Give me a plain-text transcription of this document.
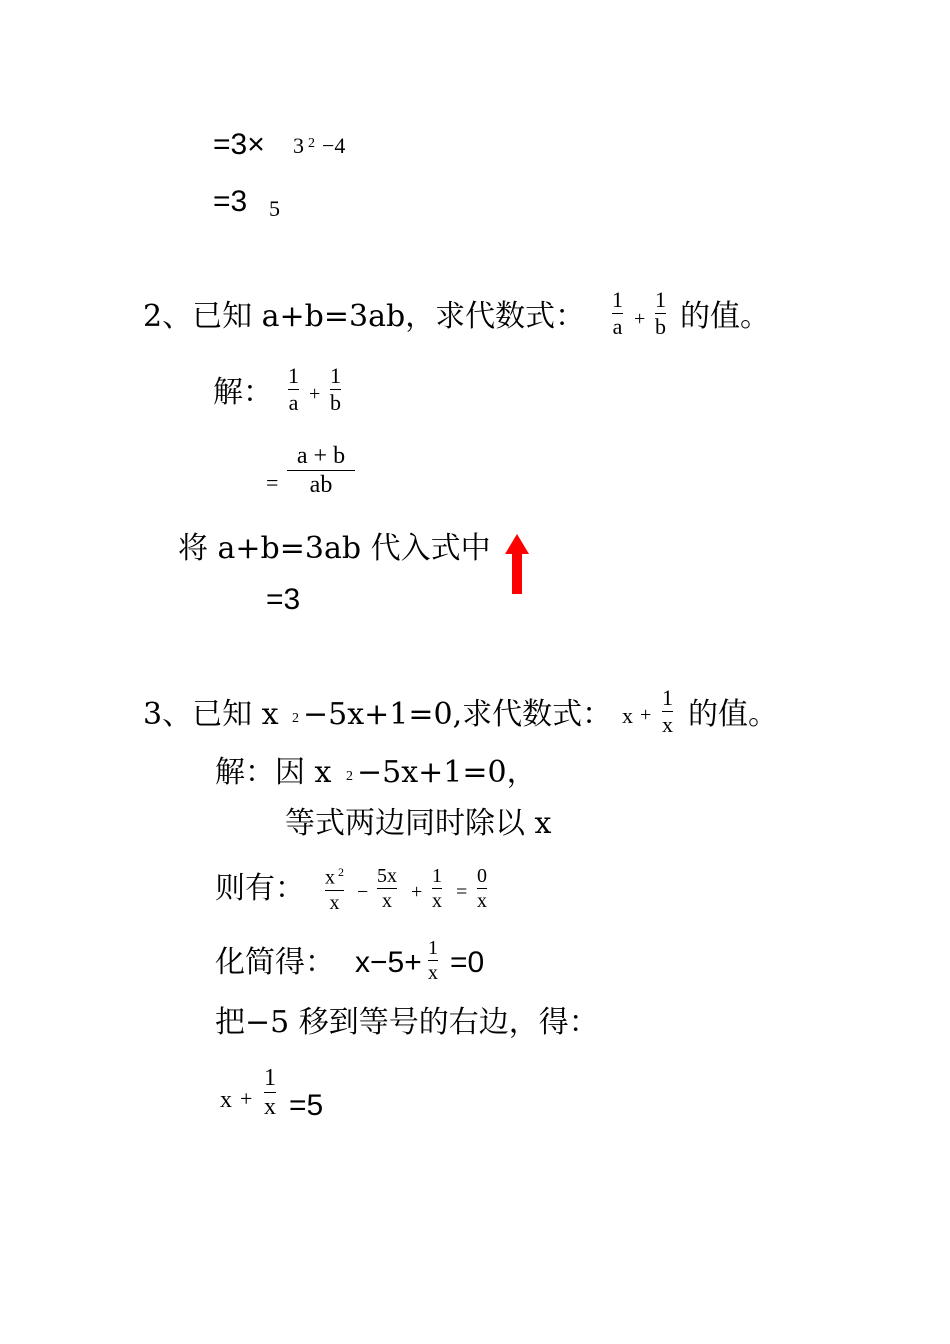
=3× 3 2 −4
=3 5
2、已知 a+b=3ab，求代数式： 1
a +
1
b 的值。
解： 1
a +
1
b
=
a + b
ab
将 a+b=3ab 代入式中
=3
3、已知 x 2 −5x+1=0,求代数式： x +
1
x 的值。
解：因 x 2 −5x+1=0，
等式两边同时除以 x
则有： x $^2$
x −
5x
x +
1
x =
0
x
化简得： x−5+ 1
x =0
把−5 移到等号的右边，得：
x +
1
x =5
